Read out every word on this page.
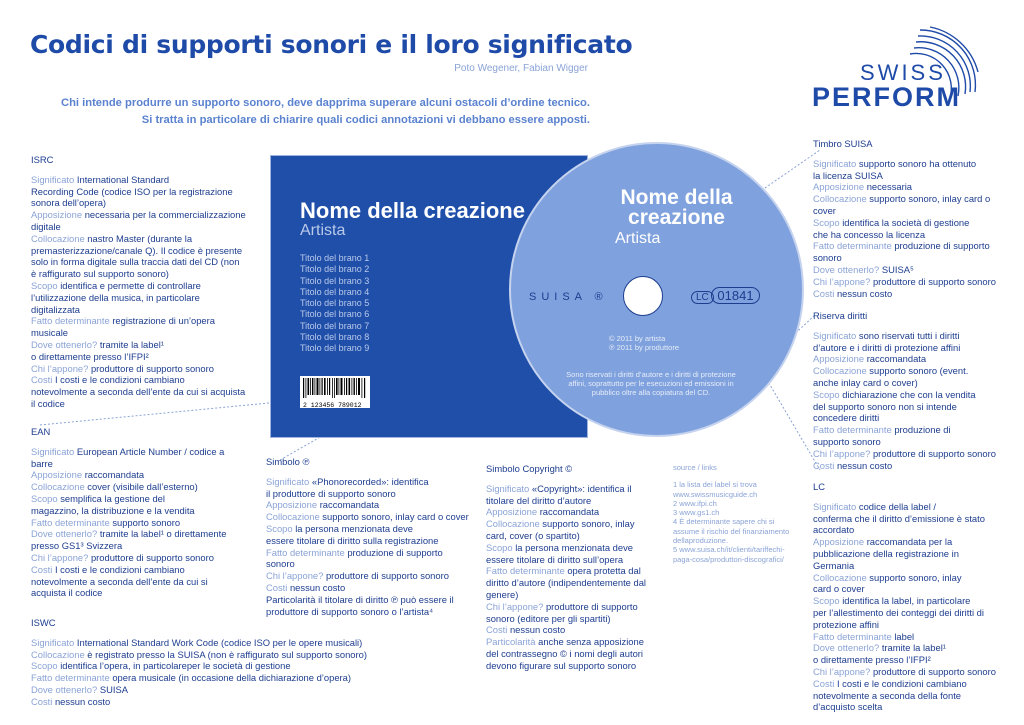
Codici di supporti sonori e il loro significato
Poto Wegener, Fabian Wigger
Chi intende produrre un supporto sonoro, deve dapprima superare alcuni ostacoli d’ordine tecnico.
Si tratta in particolare di chiarire quali codici annotazioni vi debbano essere apposti.
SWISS
PERFORM
Nome della creazione
Artista
Titolo del brano 1
Titolo del brano 2
Titolo del brano 3
Titolo del brano 4
Titolo del brano 5
Titolo del brano 6
Titolo del brano 7
Titolo del brano 8
Titolo del brano 9
2 123456 789012
Nome della
creazione
Artista
SUISA ®	LC 01841
© 2011 by artista
℗ 2011 by produttore
Sono riservati i diritti d’autore e i diritti di protezione affini, soprattutto per le esecuzioni ed emissioni in pubblico oltre alla copiatura del CD.
ISRC
Significato International Standard
Recording Code (codice ISO per la registrazione
sonora dell’opera)
Apposizione necessaria per la commercializzazione
digitale
Collocazione nastro Master (durante la
premasterizzazione/canale Q). Il codice è presente
solo in forma digitale sulla traccia dati del CD (non
è raffigurato sul supporto sonoro)
Scopo identifica e permette di controllare
l’utilizzazione della musica, in particolare
digitalizzata
Fatto determinante registrazione di un’opera
musicale
Dove ottenerlo? tramite la label¹
o direttamente presso l’IFPI²
Chi l’appone? produttore di supporto sonoro
Costi I costi e le condizioni cambiano
notevolmente a seconda dell’ente da cui si acquista
il codice
EAN
Significato European Article Number / codice a
barre
Apposizione raccomandata
Collocazione cover (visibile dall’esterno)
Scopo semplifica la gestione del
magazzino, la distribuzione e la vendita
Fatto determinante supporto sonoro
Dove ottenerlo? tramite la label¹ o direttamente
presso GS1³ Svizzera
Chi l’appone? produttore di supporto sonoro
Costi I costi e le condizioni cambiano
notevolmente a seconda dell’ente da cui si
acquista il codice
ISWC
Significato International Standard Work Code (codice ISO per le opere musicali)
Collocazione è registrato presso la SUISA (non è raffigurato sul supporto sonoro)
Scopo identifica l’opera, in particolareper le società di gestione
Fatto determinante opera musicale (in occasione della dichiarazione d’opera)
Dove ottenerlo? SUISA
Costi nessun costo
Simbolo ℗
Significato «Phonorecorded»: identifica
il produttore di supporto sonoro
Apposizione raccomandata
Collocazione supporto sonoro, inlay card o cover
Scopo la persona menzionata deve
essere titolare di diritto sulla registrazione
Fatto determinante produzione di supporto
sonoro
Chi l’appone? produttore di supporto sonoro
Costi nessun costo
Particolarità il titolare di diritto ℗ può essere il
produttore di supporto sonoro o l’artista⁴
Simbolo Copyright ©
Significato «Copyright»: identifica il
titolare del diritto d’autore
Apposizione raccomandata
Collocazione supporto sonoro, inlay
card, cover (o spartito)
Scopo la persona menzionata deve
essere titolare di diritto sull’opera
Fatto determinante opera protetta dal
diritto d’autore (indipendentemente dal
genere)
Chi l’appone? produttore di supporto
sonoro (editore per gli spartiti)
Costi nessun costo
Particolarità anche senza apposizione
del contrassegno © i nomi degli autori
devono figurare sul supporto sonoro
source / links
1 la lista dei label si trova
www.swissmusicguide.ch
2 www.ifpi.ch
3 www.gs1.ch
4 È determinante sapere chi si
assume il rischio del finanziamento
dellaproduzione.
5 www.suisa.ch/it/clienti/tariffechi-
paga-cosa/produttori-discografici/
Timbro SUISA
Significato supporto sonoro ha ottenuto
la licenza SUISA
Apposizione necessaria
Collocazione supporto sonoro, inlay card o
cover
Scopo identifica la società di gestione
che ha concesso la licenza
Fatto determinante produzione di supporto
sonoro
Dove ottenerlo? SUISA⁵
Chi l’appone? produttore di supporto sonoro
Costi nessun costo
Riserva diritti
Significato sono riservati tutti i diritti
d’autore e i diritti di protezione affini
Apposizione raccomandata
Collocazione supporto sonoro (event.
anche inlay card o cover)
Scopo dichiarazione che con la vendita
del supporto sonoro non si intende
concedere diritti
Fatto determinante produzione di
supporto sonoro
Chi l’appone? produttore di supporto sonoro
Costi nessun costo
LC
Significato codice della label /
conferma che il diritto d’emissione è stato
accordato
Apposizione raccomandata per la
pubblicazione della registrazione in
Germania
Collocazione supporto sonoro, inlay
card o cover
Scopo identifica la label, in particolare
per l’allestimento dei conteggi dei diritti di
protezione affini
Fatto determinante label
Dove ottenerlo? tramite la label¹
o direttamente presso l’IFPI²
Chi l’appone? produttore di supporto sonoro
Costi I costi e le condizioni cambiano
notevolmente a seconda della fonte
d’acquisto scelta
